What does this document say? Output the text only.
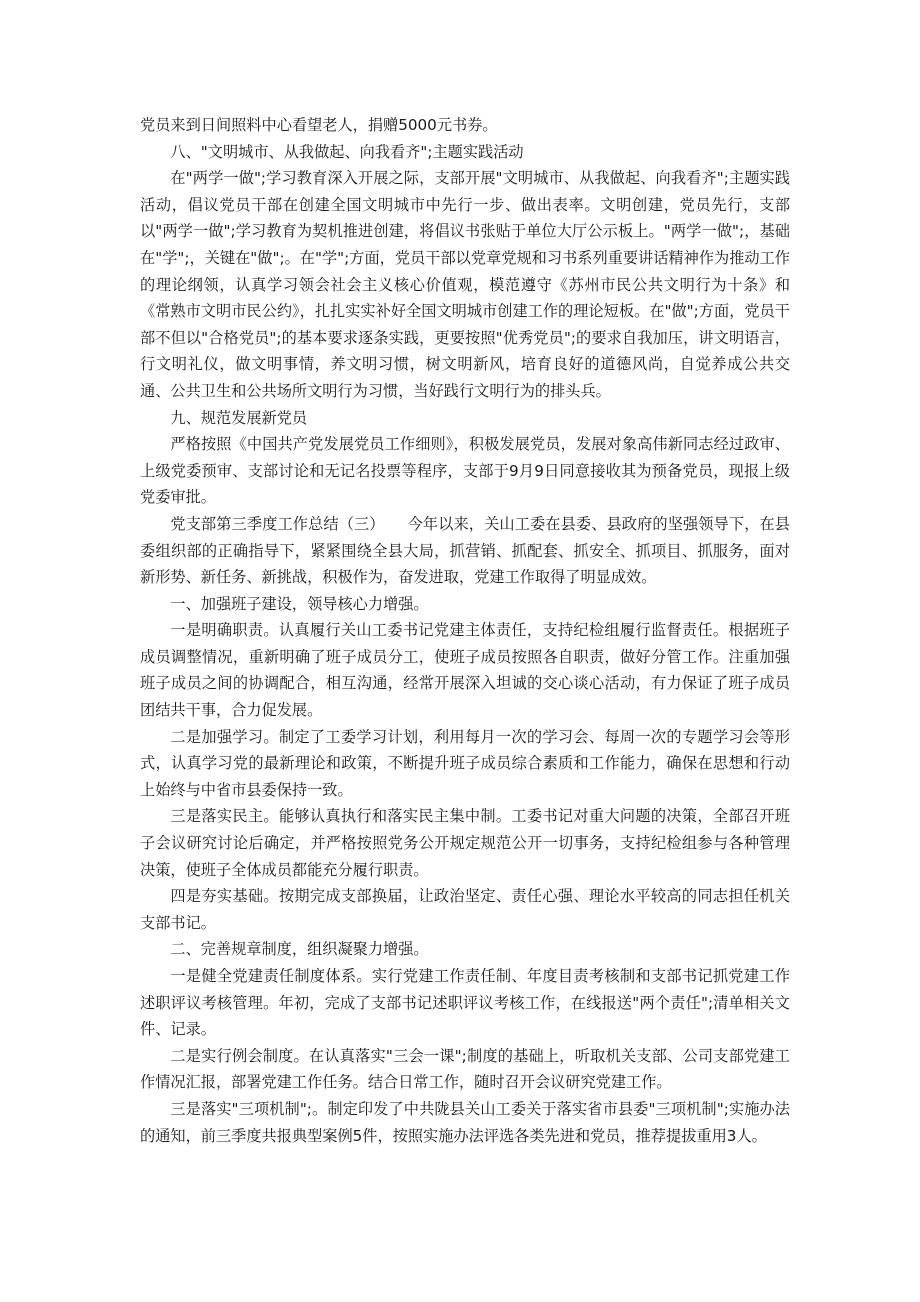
党员来到日间照料中心看望老人，捐赠5000元书券。

八、"文明城市、从我做起、向我看齐";主题实践活动

在"两学一做";学习教育深入开展之际，支部开展"文明城市、从我做起、向我看齐";主题实践活动，倡议党员干部在创建全国文明城市中先行一步、做出表率。文明创建，党员先行，支部以"两学一做";学习教育为契机推进创建，将倡议书张贴于单位大厅公示板上。"两学一做";，基础在"学";，关键在"做";。在"学";方面，党员干部以党章党规和习书系列重要讲话精神作为推动工作的理论纲领，认真学习领会社会主义核心价值观，模范遵守《苏州市民公共文明行为十条》和《常熟市文明市民公约》，扎扎实实补好全国文明城市创建工作的理论短板。在"做";方面，党员干部不但以"合格党员";的基本要求逐条实践，更要按照"优秀党员";的要求自我加压，讲文明语言，行文明礼仪，做文明事情，养文明习惯，树文明新风，培育良好的道德风尚，自觉养成公共交通、公共卫生和公共场所文明行为习惯，当好践行文明行为的排头兵。

九、规范发展新党员

严格按照《中国共产党发展党员工作细则》，积极发展党员，发展对象高伟新同志经过政审、上级党委预审、支部讨论和无记名投票等程序，支部于9月9日同意接收其为预备党员，现报上级党委审批。

党支部第三季度工作总结（三）　　今年以来，关山工委在县委、县政府的坚强领导下，在县委组织部的正确指导下，紧紧围绕全县大局，抓营销、抓配套、抓安全、抓项目、抓服务，面对新形势、新任务、新挑战，积极作为，奋发进取，党建工作取得了明显成效。

一、加强班子建设，领导核心力增强。

一是明确职责。认真履行关山工委书记党建主体责任，支持纪检组履行监督责任。根据班子成员调整情况，重新明确了班子成员分工，使班子成员按照各自职责，做好分管工作。注重加强班子成员之间的协调配合，相互沟通，经常开展深入坦诚的交心谈心活动，有力保证了班子成员团结共干事，合力促发展。

二是加强学习。制定了工委学习计划，利用每月一次的学习会、每周一次的专题学习会等形式，认真学习党的最新理论和政策，不断提升班子成员综合素质和工作能力，确保在思想和行动上始终与中省市县委保持一致。

三是落实民主。能够认真执行和落实民主集中制。工委书记对重大问题的决策，全部召开班子会议研究讨论后确定，并严格按照党务公开规定规范公开一切事务，支持纪检组参与各种管理决策，使班子全体成员都能充分履行职责。

四是夯实基础。按期完成支部换届，让政治坚定、责任心强、理论水平较高的同志担任机关支部书记。

二、完善规章制度，组织凝聚力增强。

一是健全党建责任制度体系。实行党建工作责任制、年度目责考核制和支部书记抓党建工作述职评议考核管理。年初，完成了支部书记述职评议考核工作，在线报送"两个责任";清单相关文件、记录。

二是实行例会制度。在认真落实"三会一课";制度的基础上，听取机关支部、公司支部党建工作情况汇报，部署党建工作任务。结合日常工作，随时召开会议研究党建工作。

三是落实"三项机制";。制定印发了中共陇县关山工委关于落实省市县委"三项机制";实施办法的通知，前三季度共报典型案例5件，按照实施办法评选各类先进和党员，推荐提拔重用3人。
